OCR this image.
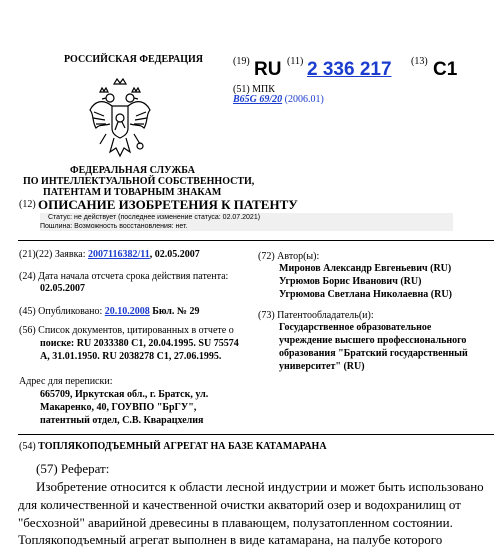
РОССИЙСКАЯ ФЕДЕРАЦИЯ	(19) RU (11) 2 336 217 (13) C1
(51) МПК
B65G 69/20 (2006.01)
ФЕДЕРАЛЬНАЯ СЛУЖБА
ПО ИНТЕЛЛЕКТУАЛЬНОЙ СОБСТВЕННОСТИ,
ПАТЕНТАМ И ТОВАРНЫМ ЗНАКАМ
(12) ОПИСАНИЕ ИЗОБРЕТЕНИЯ К ПАТЕНТУ
Статус: не действует (последнее изменение статуса: 02.07.2021)
Пошлина: Возможность восстановления: нет.
(21)(22) Заявка: 2007116382/11, 02.05.2007
(24) Дата начала отсчета срока действия патента:
02.05.2007
(45) Опубликовано: 20.10.2008 Бюл. № 29
(56) Список документов, цитированных в отчете о
поиске: RU 2033380 C1, 20.04.1995. SU 75574
A, 31.01.1950. RU 2038278 C1, 27.06.1995.
Адрес для переписки:
665709, Иркутская обл., г. Братск, ул.
Макаренко, 40, ГОУВПО "БрГУ",
патентный отдел, С.В. Кварацхелия
(72) Автор(ы):
Миронов Александр Евгеньевич (RU)
Угрюмов Борис Иванович (RU)
Угрюмова Светлана Николаевна (RU)
(73) Патентообладатель(и):
Государственное образовательное
учреждение высшего профессионального
образования "Братский государственный
университет" (RU)
(54) ТОПЛЯКОПОДЪЕМНЫЙ АГРЕГАТ НА БАЗЕ КАТАМАРАНА
(57) Реферат:
Изобретение относится к области лесной индустрии и может быть использовано
для количественной и качественной очистки акваторий озер и водохранилищ от
"бесхозной" аварийной древесины в плавающем, полузатопленном состоянии.
Топлякоподъемный агрегат выполнен в виде катамарана, на палубе которого
